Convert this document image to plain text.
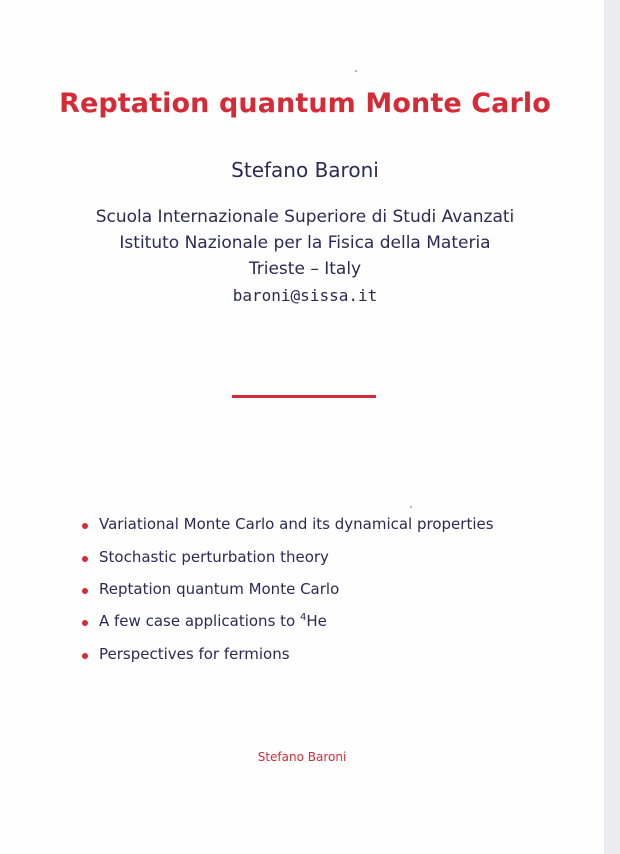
Reptation quantum Monte Carlo
Stefano Baroni
Scuola Internazionale Superiore di Studi Avanzati
Istituto Nazionale per la Fisica della Materia
Trieste – Italy
baroni@sissa.it
Variational Monte Carlo and its dynamical properties
Stochastic perturbation theory
Reptation quantum Monte Carlo
A few case applications to $^4$He
Perspectives for fermions
Stefano Baroni
